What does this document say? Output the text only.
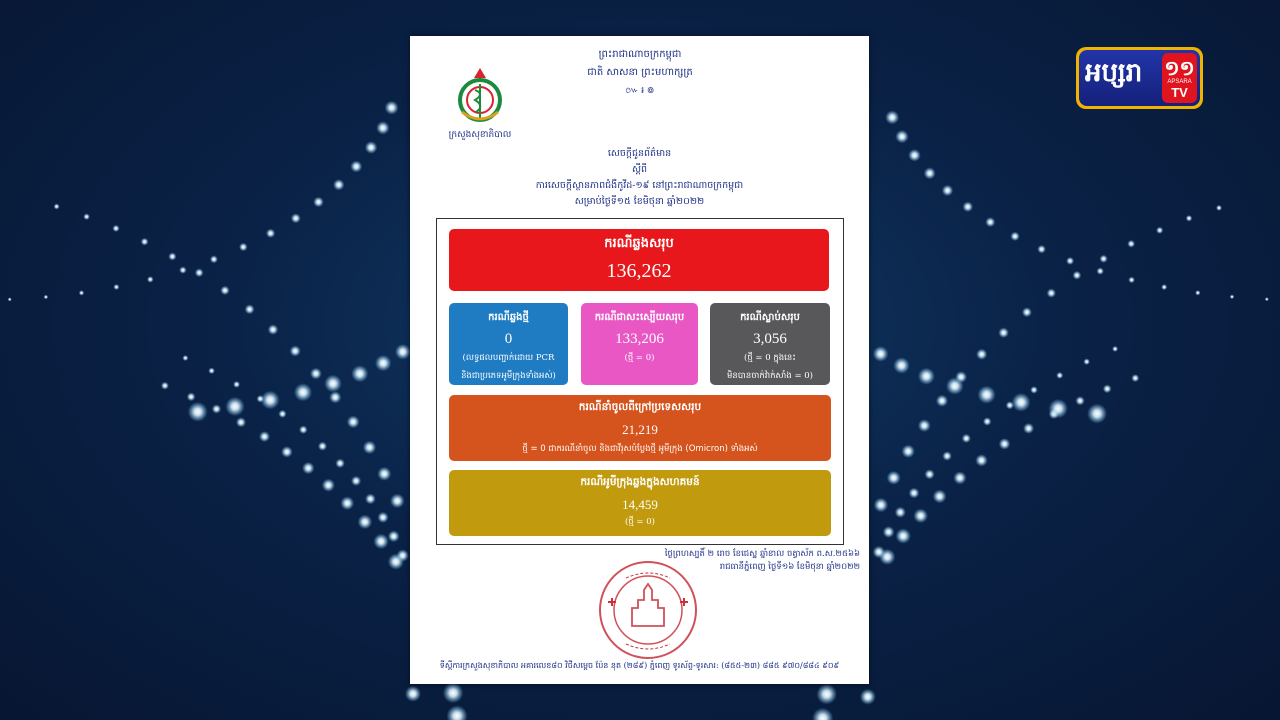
ក្រសួងសុខាភិបាល
ព្រះរាជាណាចក្រកម្ពុជា
ជាតិ សាសនា ព្រះមហាក្សត្រ
៚ ៛ ៙
សេចក្តីជូនព័ត៌មាន
ស្តីពី
ការសេចក្តីស្ថានភាពជំងឺកូវីដ-១៩ នៅព្រះរាជាណាចក្រកម្ពុជា
សម្រាប់ថ្ងៃទី១៥ ខែមិថុនា ឆ្នាំ២០២២
ករណីឆ្លងសរុប
136,262
ករណីឆ្លងថ្មី
0
(លទ្ធផលបញ្ជាក់ដោយ PCR
និងជាប្រភេទអូមីក្រុងទាំងអស់)
ករណីជាសះស្បើយសរុប
133,206
(ថ្មី = 0)
ករណីស្លាប់សរុប
3,056
(ថ្មី = 0 ក្នុងនេះ
មិនបានចាក់វ៉ាក់សាំង = 0)
ករណីនាំចូលពីក្រៅប្រទេសសរុប
21,219
ថ្មី = 0 ជាករណីនាំចូល និងជាវីរុសបំប្លែងថ្មី អូមីក្រុង (Omicron) ទាំងអស់
ករណីអូមីក្រុងឆ្លងក្នុងសហគមន៍
14,459
(ថ្មី = 0)
ថ្ងៃព្រហស្បតិ៍ ២ រោច ខែជេស្ឋ ឆ្នាំខាល ចត្វាស័ក ព.ស.២៥៦៦
រាជធានីភ្នំពេញ ថ្ងៃទី១៦ ខែមិថុនា ឆ្នាំ២០២២
ទីស្តីការក្រសួងសុខាភិបាល អគារលេខ៨០ វិថីសម្តេច ប៉ែន នុត (២៨៩) ភ្នំពេញ ទូរស័ព្ទ-ទូរសារ: (៨៥៥-២៣) ៨៨៥ ៩៧០/៨៨៤ ៩០៩
អប្សរា ១១
APSARA
TV
